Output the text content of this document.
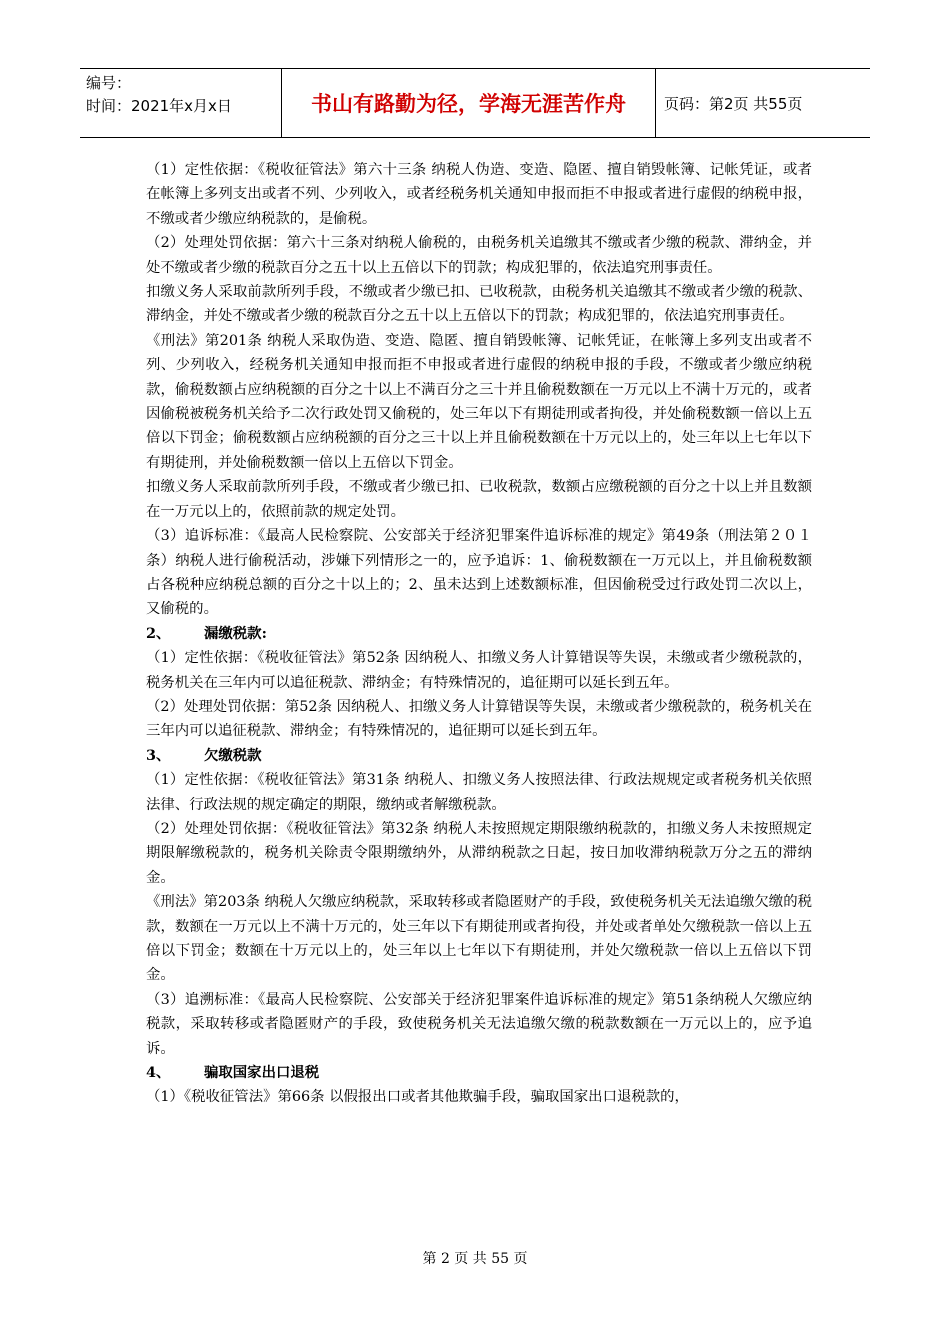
编号：
时间：2021年x月x日	书山有路勤为径，学海无涯苦作舟	页码：第2页 共55页

（1）定性依据：《税收征管法》第六十三条 纳税人伪造、变造、隐匿、擅自销毁帐簿、记帐凭证，或者在帐簿上多列支出或者不列、少列收入，或者经税务机关通知申报而拒不申报或者进行虚假的纳税申报，不缴或者少缴应纳税款的，是偷税。

（2）处理处罚依据：第六十三条对纳税人偷税的，由税务机关追缴其不缴或者少缴的税款、滞纳金，并处不缴或者少缴的税款百分之五十以上五倍以下的罚款；构成犯罪的，依法追究刑事责任。

扣缴义务人采取前款所列手段，不缴或者少缴已扣、已收税款，由税务机关追缴其不缴或者少缴的税款、滞纳金，并处不缴或者少缴的税款百分之五十以上五倍以下的罚款；构成犯罪的，依法追究刑事责任。

《刑法》第201条 纳税人采取伪造、变造、隐匿、擅自销毁帐簿、记帐凭证，在帐簿上多列支出或者不列、少列收入，经税务机关通知申报而拒不申报或者进行虚假的纳税申报的手段，不缴或者少缴应纳税款，偷税数额占应纳税额的百分之十以上不满百分之三十并且偷税数额在一万元以上不满十万元的，或者因偷税被税务机关给予二次行政处罚又偷税的，处三年以下有期徒刑或者拘役，并处偷税数额一倍以上五倍以下罚金；偷税数额占应纳税额的百分之三十以上并且偷税数额在十万元以上的，处三年以上七年以下有期徒刑，并处偷税数额一倍以上五倍以下罚金。

扣缴义务人采取前款所列手段，不缴或者少缴已扣、已收税款，数额占应缴税额的百分之十以上并且数额在一万元以上的，依照前款的规定处罚。

（3）追诉标准：《最高人民检察院、公安部关于经济犯罪案件追诉标准的规定》第49条（刑法第２０１条）纳税人进行偷税活动，涉嫌下列情形之一的，应予追诉：1、偷税数额在一万元以上，并且偷税数额占各税种应纳税总额的百分之十以上的；2、虽未达到上述数额标准，但因偷税受过行政处罚二次以上，又偷税的。

2、 漏缴税款:

（1）定性依据：《税收征管法》第52条 因纳税人、扣缴义务人计算错误等失误，未缴或者少缴税款的，税务机关在三年内可以追征税款、滞纳金；有特殊情况的，追征期可以延长到五年。

（2）处理处罚依据：第52条 因纳税人、扣缴义务人计算错误等失误，未缴或者少缴税款的，税务机关在三年内可以追征税款、滞纳金；有特殊情况的，追征期可以延长到五年。

3、 欠缴税款

（1）定性依据：《税收征管法》第31条 纳税人、扣缴义务人按照法律、行政法规规定或者税务机关依照法律、行政法规的规定确定的期限，缴纳或者解缴税款。

（2）处理处罚依据：《税收征管法》第32条 纳税人未按照规定期限缴纳税款的，扣缴义务人未按照规定期限解缴税款的，税务机关除责令限期缴纳外，从滞纳税款之日起，按日加收滞纳税款万分之五的滞纳金。

《刑法》第203条 纳税人欠缴应纳税款，采取转移或者隐匿财产的手段，致使税务机关无法追缴欠缴的税款，数额在一万元以上不满十万元的，处三年以下有期徒刑或者拘役，并处或者单处欠缴税款一倍以上五倍以下罚金；数额在十万元以上的，处三年以上七年以下有期徒刑，并处欠缴税款一倍以上五倍以下罚金。

（3）追溯标准：《最高人民检察院、公安部关于经济犯罪案件追诉标准的规定》第51条纳税人欠缴应纳税款，采取转移或者隐匿财产的手段，致使税务机关无法追缴欠缴的税款数额在一万元以上的，应予追诉。

4、 骗取国家出口退税

（1）《税收征管法》第66条 以假报出口或者其他欺骗手段，骗取国家出口退税款的，

第 2 页 共 55 页
